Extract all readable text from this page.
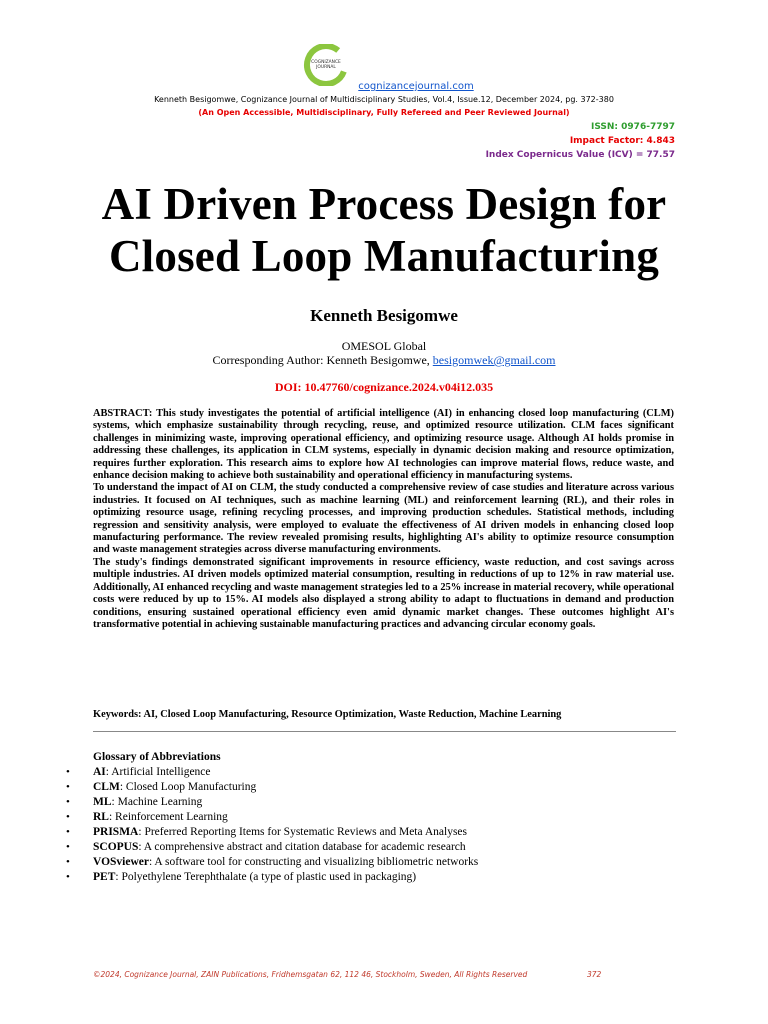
COGNIZANCE
JOURNAL
cognizancejournal.com
Kenneth Besigomwe, Cognizance Journal of Multidisciplinary Studies, Vol.4, Issue.12, December 2024, pg. 372-380
(An Open Accessible, Multidisciplinary, Fully Refereed and Peer Reviewed Journal)
ISSN: 0976-7797
Impact Factor: 4.843
Index Copernicus Value (ICV) = 77.57
AI Driven Process Design for
Closed Loop Manufacturing
Kenneth Besigomwe
OMESOL Global
Corresponding Author: Kenneth Besigomwe, besigomwek@gmail.com
DOI: 10.47760/cognizance.2024.v04i12.035

ABSTRACT: This study investigates the potential of artificial intelligence (AI) in enhancing closed loop manufacturing (CLM) systems, which emphasize sustainability through recycling, reuse, and optimized resource utilization. CLM faces significant challenges in minimizing waste, improving operational efficiency, and optimizing resource usage. Although AI holds promise in addressing these challenges, its application in CLM systems, especially in dynamic decision making and resource optimization, requires further exploration. This research aims to explore how AI technologies can improve material flows, reduce waste, and enhance decision making to achieve both sustainability and operational efficiency in manufacturing systems.

To understand the impact of AI on CLM, the study conducted a comprehensive review of case studies and literature across various industries. It focused on AI techniques, such as machine learning (ML) and reinforcement learning (RL), and their roles in optimizing resource usage, refining recycling processes, and improving production schedules. Statistical methods, including regression and sensitivity analysis, were employed to evaluate the effectiveness of AI driven models in enhancing closed loop manufacturing performance. The review revealed promising results, highlighting AI's ability to optimize resource consumption and waste management strategies across diverse manufacturing environments.

The study's findings demonstrated significant improvements in resource efficiency, waste reduction, and cost savings across multiple industries. AI driven models optimized material consumption, resulting in reductions of up to 12% in raw material use. Additionally, AI enhanced recycling and waste management strategies led to a 25% increase in material recovery, while operational costs were reduced by up to 15%. AI models also displayed a strong ability to adapt to fluctuations in demand and production conditions, ensuring sustained operational efficiency even amid dynamic market changes. These outcomes highlight AI's transformative potential in achieving sustainable manufacturing practices and advancing circular economy goals.

Keywords: AI, Closed Loop Manufacturing, Resource Optimization, Waste Reduction, Machine Learning
Glossary of Abbreviations
• AI: Artificial Intelligence
• CLM: Closed Loop Manufacturing
• ML: Machine Learning
• RL: Reinforcement Learning
• PRISMA: Preferred Reporting Items for Systematic Reviews and Meta Analyses
• SCOPUS: A comprehensive abstract and citation database for academic research
• VOSviewer: A software tool for constructing and visualizing bibliometric networks
• PET: Polyethylene Terephthalate (a type of plastic used in packaging)
©2024, Cognizance Journal, ZAIN Publications, Fridhemsgatan 62, 112 46, Stockholm, Sweden, All Rights Reserved	372
